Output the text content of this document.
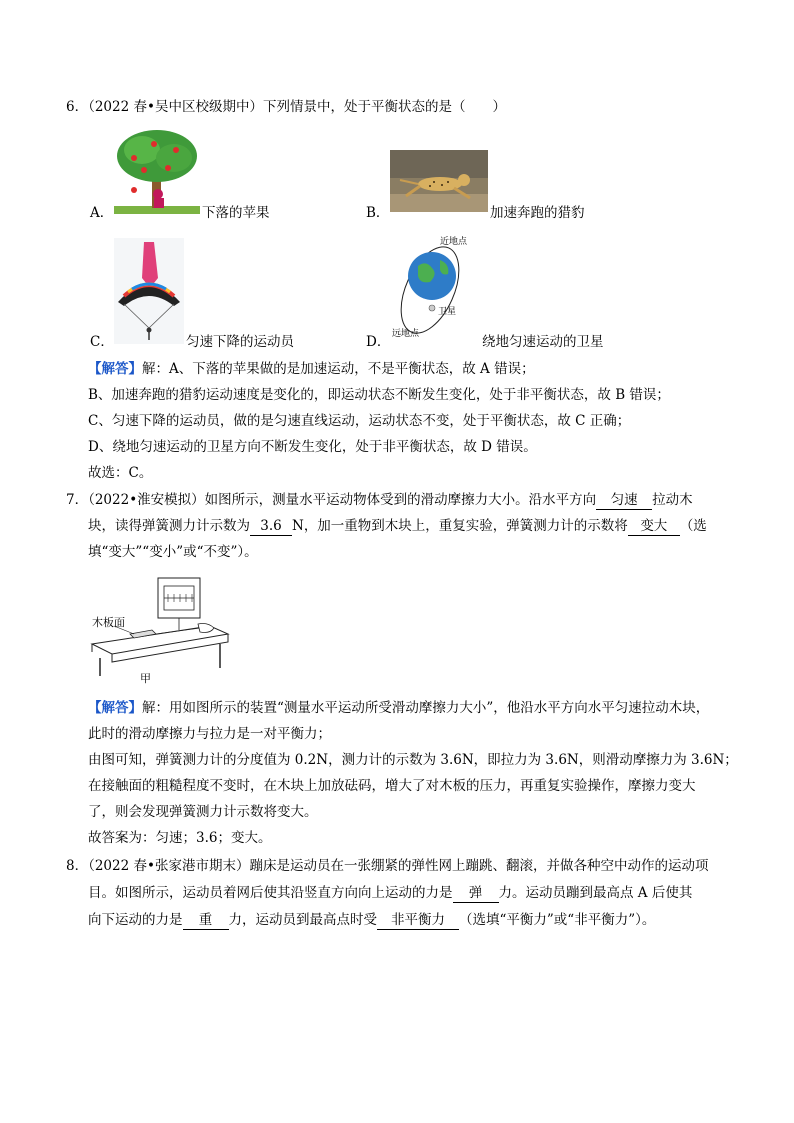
6．（2022 春•吴中区校级期中）下列情景中，处于平衡状态的是（　　）
A．	下落的苹果	B．	加速奔跑的猎豹
C．	匀速下降的运动员	D．
近地点
卫星
远地点	绕地匀速运动的卫星
【解答】解：A、下落的苹果做的是加速运动，不是平衡状态，故 A 错误；
B、加速奔跑的猎豹运动速度是变化的，即运动状态不断发生变化，处于非平衡状态，故 B 错误；
C、匀速下降的运动员，做的是匀速直线运动，运动状态不变，处于平衡状态，故 C 正确；
D、绕地匀速运动的卫星方向不断发生变化，处于非平衡状态，故 D 错误。
故选：C。
7．（2022•淮安模拟）如图所示，测量水平运动物体受到的滑动摩擦力大小。沿水平方向 匀速 拉动木
块，读得弹簧测力计示数为 3.6 N，加一重物到木块上，重复实验，弹簧测力计的示数将 变大 （选
填“变大”“变小”或“不变”）。
木板面
甲
【解答】解：用如图所示的装置“测量水平运动所受滑动摩擦力大小”，他沿水平方向水平匀速拉动木块，
此时的滑动摩擦力与拉力是一对平衡力；
由图可知，弹簧测力计的分度值为 0.2N，测力计的示数为 3.6N，即拉力为 3.6N，则滑动摩擦力为 3.6N；
在接触面的粗糙程度不变时，在木块上加放砝码，增大了对木板的压力，再重复实验操作，摩擦力变大
了，则会发现弹簧测力计示数将变大。
故答案为：匀速；3.6；变大。
8．（2022 春•张家港市期末）蹦床是运动员在一张绷紧的弹性网上蹦跳、翻滚，并做各种空中动作的运动项
目。如图所示，运动员着网后使其沿竖直方向向上运动的力是 弹 力。运动员蹦到最高点 A 后使其
向下运动的力是 重 力，运动员到最高点时受 非平衡力 （选填“平衡力”或“非平衡力”）。
